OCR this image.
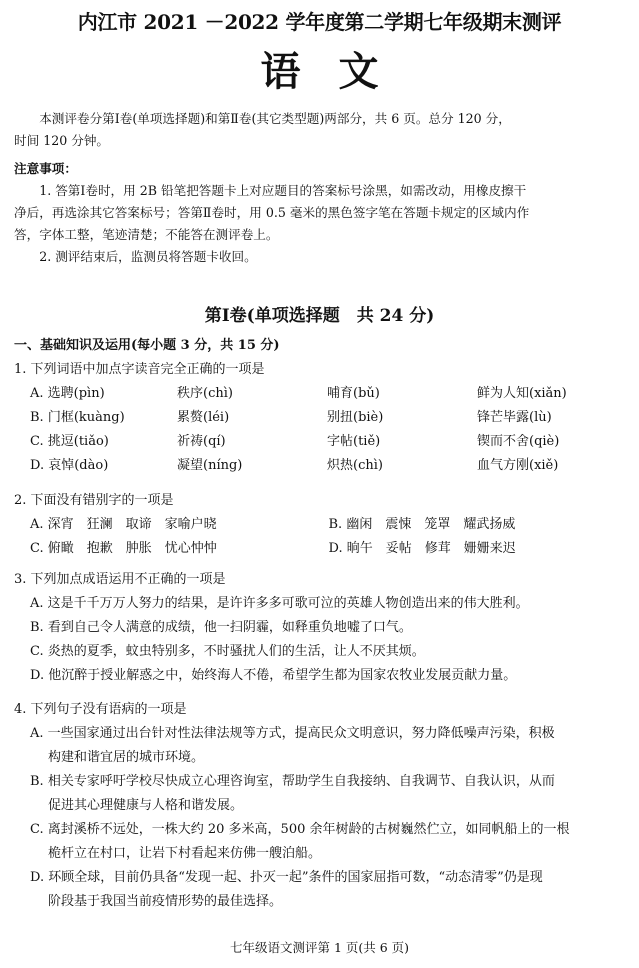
内江市 2021 －2022 学年度第二学期七年级期末测评
语文
本测评卷分第Ⅰ卷(单项选择题)和第Ⅱ卷(其它类型题)两部分，共 6 页。总分 120 分，
时间 120 分钟。
注意事项：
1. 答第Ⅰ卷时，用 2B 铅笔把答题卡上对应题目的答案标号涂黑，如需改动，用橡皮擦干
净后，再选涂其它答案标号；答第Ⅱ卷时，用 0.5 毫米的黑色签字笔在答题卡规定的区域内作
答，字体工整，笔迹清楚；不能答在测评卷上。
2. 测评结束后，监测员将答题卡收回。
第Ⅰ卷(单项选择题　共 24 分)
一、基础知识及运用(每小题 3 分，共 15 分)
1. 下列词语中加点字读音完全正确的一项是
A. 选聘(pìn)	秩序(chì)	哺育(bǔ)	鲜为人知(xiǎn)
B. 门框(kuàng)	累赘(léi)	别扭(biè)	锋芒毕露(lù)
C. 挑逗(tiǎo)	祈祷(qí)	字帖(tiě)	锲而不舍(qiè)
D. 哀悼(dào)	凝望(níng)	炽热(chì)	血气方刚(xiě)
2. 下面没有错别字的一项是
A. 深宵　狂澜　取谛　家喻户晓	B. 幽闲　震悚　笼罩　耀武扬威
C. 俯瞰　抱歉　肿胀　忧心忡忡	D. 晌午　妥帖　修茸　姗姗来迟
3. 下列加点成语运用不正确的一项是
A. 这是千千万万人努力的结果，是许许多多可歌可泣的英雄人物创造出来的伟大胜利。
B. 看到自己令人满意的成绩，他一扫阴霾，如释重负地嘘了口气。
C. 炎热的夏季，蚊虫特别多，不时骚扰人们的生活，让人不厌其烦。
D. 他沉醉于授业解惑之中，始终海人不倦，希望学生都为国家农牧业发展贡献力量。
4. 下列句子没有语病的一项是
A. 一些国家通过出台针对性法律法规等方式，提高民众文明意识，努力降低噪声污染，积极
构建和谐宜居的城市环境。
B. 相关专家呼吁学校尽快成立心理咨询室，帮助学生自我接纳、自我调节、自我认识，从而
促进其心理健康与人格和谐发展。
C. 离封溪桥不远处，一株大约 20 多米高，500 余年树龄的古树巍然伫立，如同帆船上的一根
桅杆立在村口，让岩下村看起来仿佛一艘泊船。
D. 环顾全球，目前仍具备“发现一起、扑灭一起”条件的国家屈指可数，“动态清零”仍是现
阶段基于我国当前疫情形势的最佳选择。
七年级语文测评第 1 页(共 6 页)
